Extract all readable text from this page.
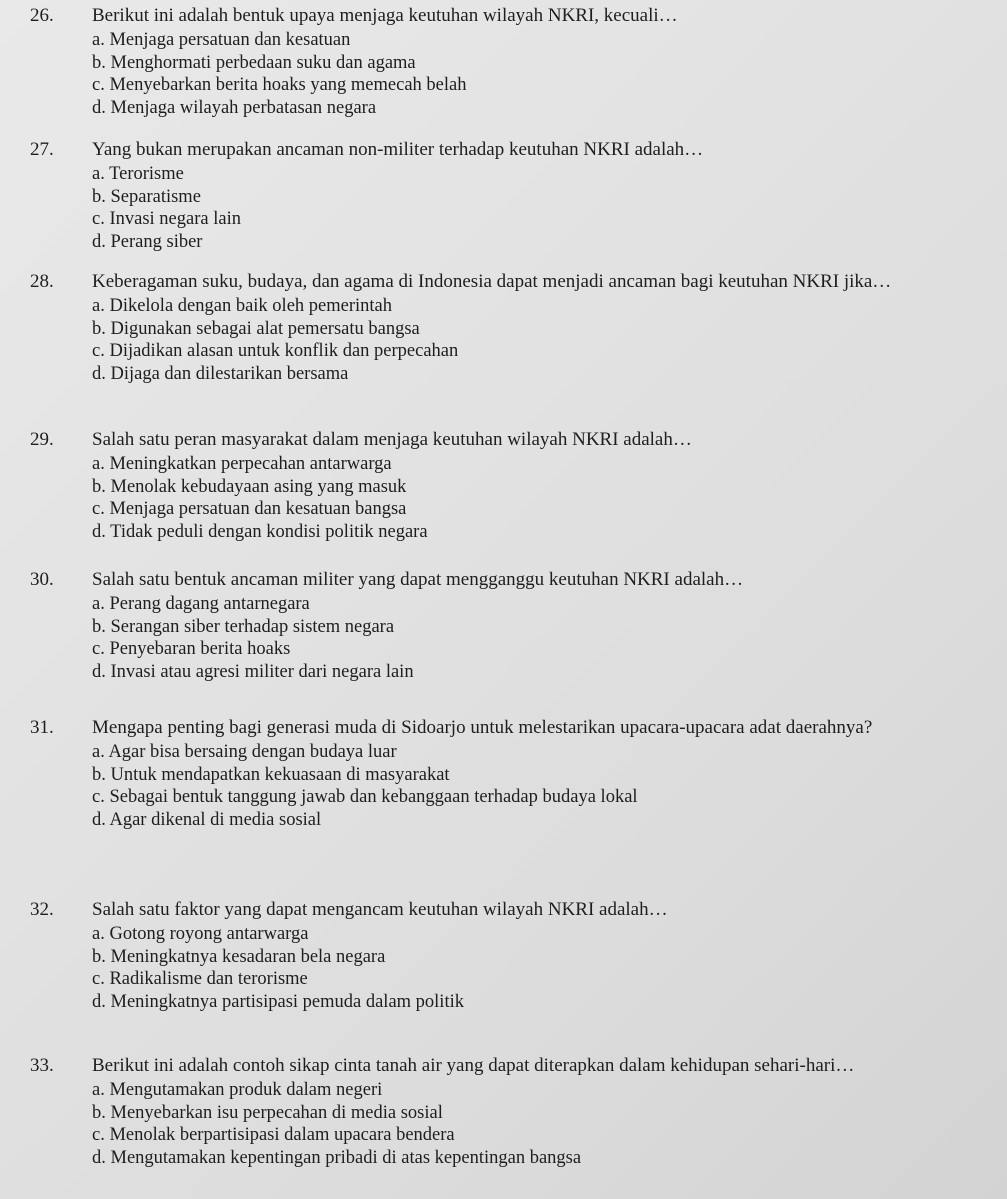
26.	Berikut ini adalah bentuk upaya menjaga keutuhan wilayah NKRI, kecuali…
a. Menjaga persatuan dan kesatuan
b. Menghormati perbedaan suku dan agama
c. Menyebarkan berita hoaks yang memecah belah
d. Menjaga wilayah perbatasan negara
27.	Yang bukan merupakan ancaman non-militer terhadap keutuhan NKRI adalah…
a. Terorisme
b. Separatisme
c. Invasi negara lain
d. Perang siber
28.	Keberagaman suku, budaya, dan agama di Indonesia dapat menjadi ancaman bagi keutuhan NKRI jika…
a. Dikelola dengan baik oleh pemerintah
b. Digunakan sebagai alat pemersatu bangsa
c. Dijadikan alasan untuk konflik dan perpecahan
d. Dijaga dan dilestarikan bersama
29.	Salah satu peran masyarakat dalam menjaga keutuhan wilayah NKRI adalah…
a. Meningkatkan perpecahan antarwarga
b. Menolak kebudayaan asing yang masuk
c. Menjaga persatuan dan kesatuan bangsa
d. Tidak peduli dengan kondisi politik negara
30.	Salah satu bentuk ancaman militer yang dapat mengganggu keutuhan NKRI adalah…
a. Perang dagang antarnegara
b. Serangan siber terhadap sistem negara
c. Penyebaran berita hoaks
d. Invasi atau agresi militer dari negara lain
31.	Mengapa penting bagi generasi muda di Sidoarjo untuk melestarikan upacara-upacara adat daerahnya?
a. Agar bisa bersaing dengan budaya luar
b. Untuk mendapatkan kekuasaan di masyarakat
c. Sebagai bentuk tanggung jawab dan kebanggaan terhadap budaya lokal
d. Agar dikenal di media sosial
32.	Salah satu faktor yang dapat mengancam keutuhan wilayah NKRI adalah…
a. Gotong royong antarwarga
b. Meningkatnya kesadaran bela negara
c. Radikalisme dan terorisme
d. Meningkatnya partisipasi pemuda dalam politik
33.	Berikut ini adalah contoh sikap cinta tanah air yang dapat diterapkan dalam kehidupan sehari-hari…
a. Mengutamakan produk dalam negeri
b. Menyebarkan isu perpecahan di media sosial
c. Menolak berpartisipasi dalam upacara bendera
d. Mengutamakan kepentingan pribadi di atas kepentingan bangsa
